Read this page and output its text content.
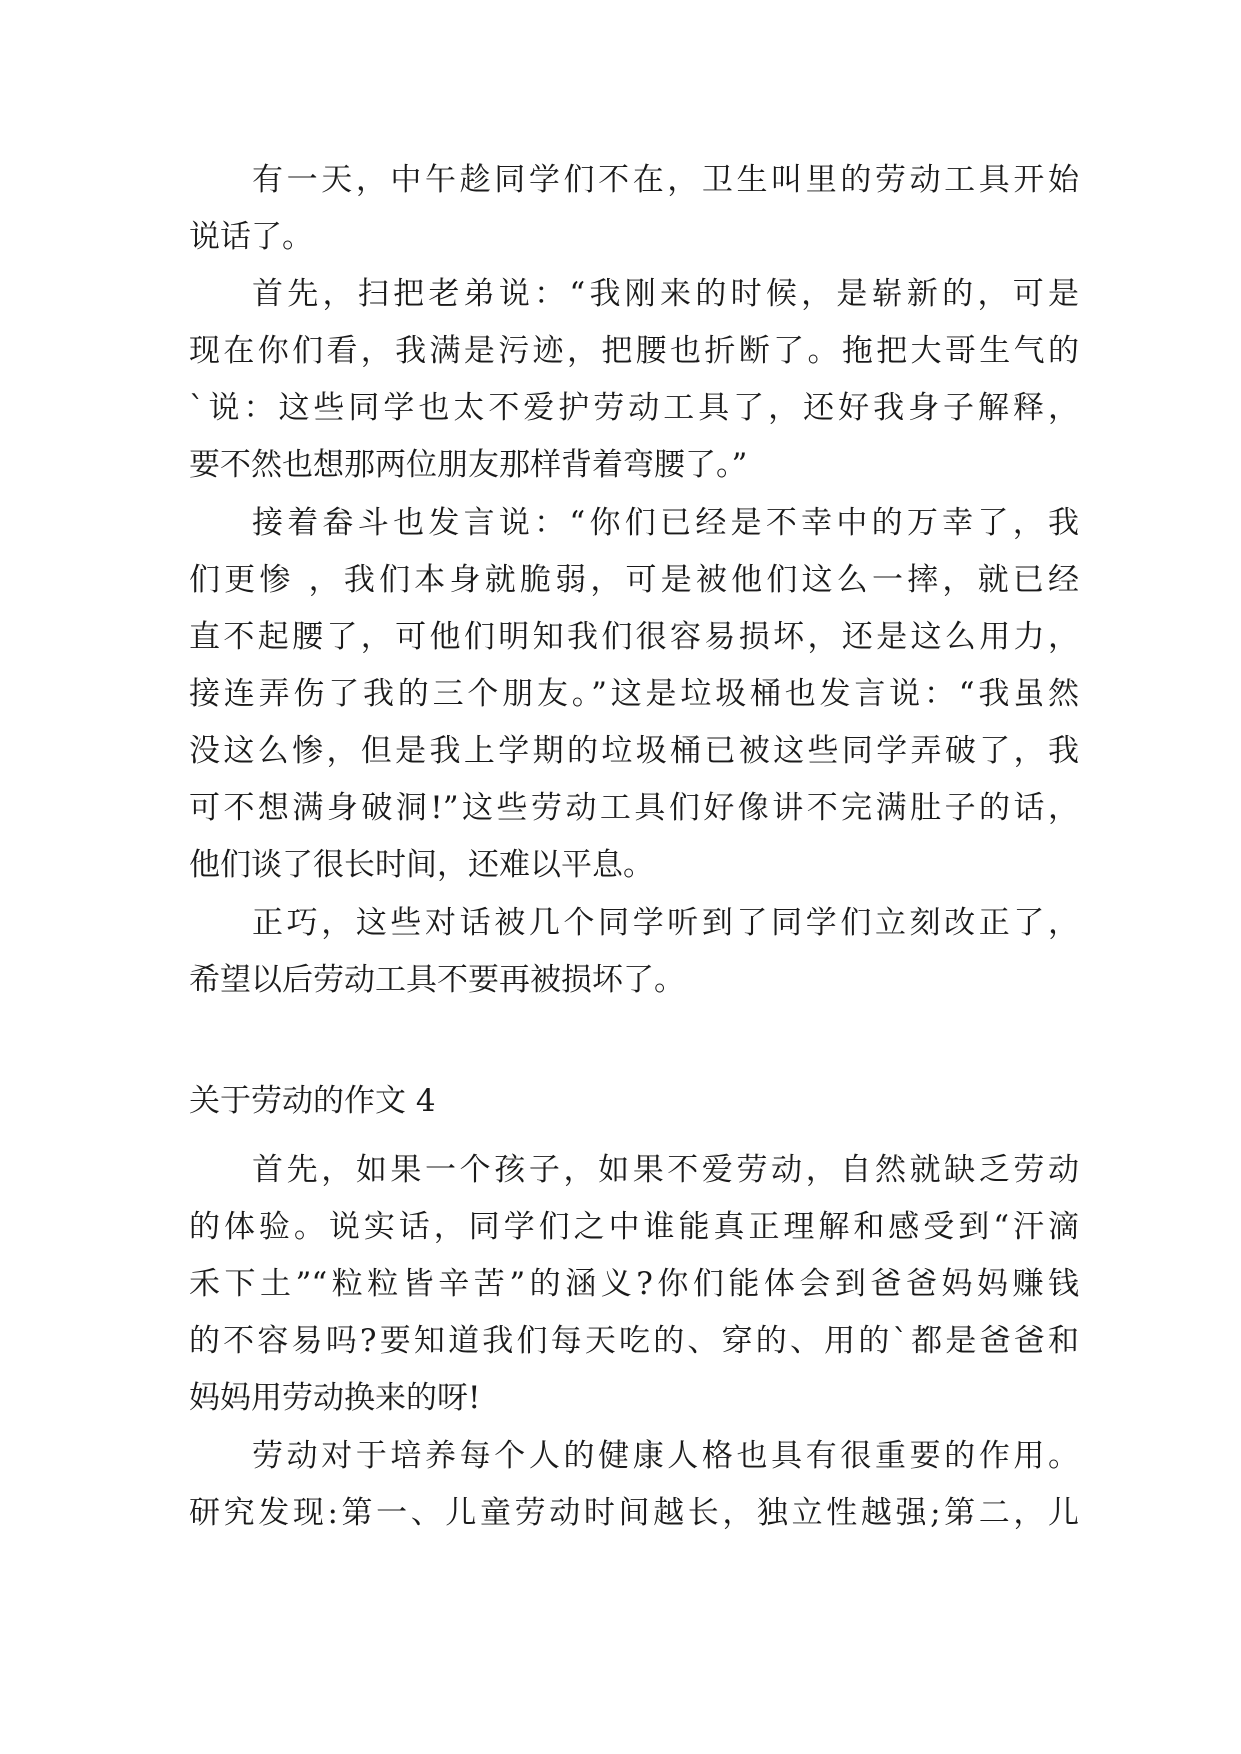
有一天，中午趁同学们不在，卫生叫里的劳动工具开始
说话了。
首先，扫把老弟说：“我刚来的时候，是崭新的，可是
现在你们看，我满是污迹，把腰也折断了。拖把大哥生气的
`说：这些同学也太不爱护劳动工具了，还好我身子解释，
要不然也想那两位朋友那样背着弯腰了。”
接着畚斗也发言说：“你们已经是不幸中的万幸了，我
们更惨 ，我们本身就脆弱，可是被他们这么一摔，就已经
直不起腰了，可他们明知我们很容易损坏，还是这么用力，
接连弄伤了我的三个朋友。”这是垃圾桶也发言说：“我虽然
没这么惨，但是我上学期的垃圾桶已被这些同学弄破了，我
可不想满身破洞!”这些劳动工具们好像讲不完满肚子的话，
他们谈了很长时间，还难以平息。
正巧，这些对话被几个同学听到了同学们立刻改正了，
希望以后劳动工具不要再被损坏了。
关于劳动的作文 4
首先，如果一个孩子，如果不爱劳动，自然就缺乏劳动
的体验。说实话，同学们之中谁能真正理解和感受到“汗滴
禾下土”“粒粒皆辛苦”的涵义?你们能体会到爸爸妈妈赚钱
的不容易吗?要知道我们每天吃的、穿的、用的`都是爸爸和
妈妈用劳动换来的呀!
劳动对于培养每个人的健康人格也具有很重要的作用。
研究发现:第一、儿童劳动时间越长，独立性越强;第二，儿
